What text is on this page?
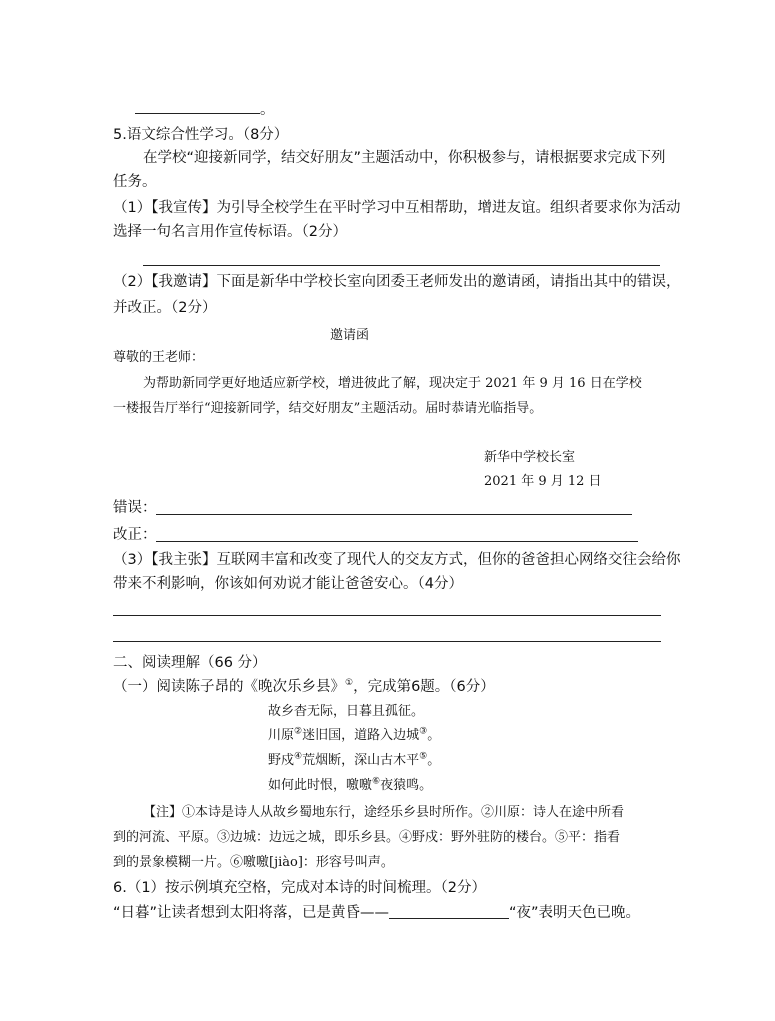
。
5.语文综合性学习。（8分）
在学校“迎接新同学，结交好朋友”主题活动中，你积极参与，请根据要求完成下列
任务。
（1）【我宣传】为引导全校学生在平时学习中互相帮助，增进友谊。组织者要求你为活动
选择一句名言用作宣传标语。（2分）
（2）【我邀请】下面是新华中学校长室向团委王老师发出的邀请函，请指出其中的错误，
并改正。（2分）
邀请函
尊敬的王老师：
为帮助新同学更好地适应新学校，增进彼此了解，现决定于 2021 年 9 月 16 日在学校
一楼报告厅举行“迎接新同学，结交好朋友”主题活动。届时恭请光临指导。
新华中学校长室
2021 年 9 月 12 日
错误：
改正：
（3）【我主张】互联网丰富和改变了现代人的交友方式，但你的爸爸担心网络交往会给你
带来不利影响，你该如何劝说才能让爸爸安心。（4分）
二、阅读理解（66 分）
（一）阅读陈子昂的《晚次乐乡县》①，完成第6题。（6分）
故乡杳无际，日暮且孤征。
川原②迷旧国，道路入边城③。
野戍④荒烟断，深山古木平⑤。
如何此时恨，噭噭⑥夜猿鸣。
【注】①本诗是诗人从故乡蜀地东行，途经乐乡县时所作。②川原：诗人在途中所看
到的河流、平原。③边城：边远之城，即乐乡县。④野戍：野外驻防的楼台。⑤平：指看
到的景象模糊一片。⑥噭噭[jiào]：形容号叫声。
6.（1）按示例填充空格，完成对本诗的时间梳理。（2分）
“日暮”让读者想到太阳将落，已是黄昏——	“夜”表明天色已晚。
